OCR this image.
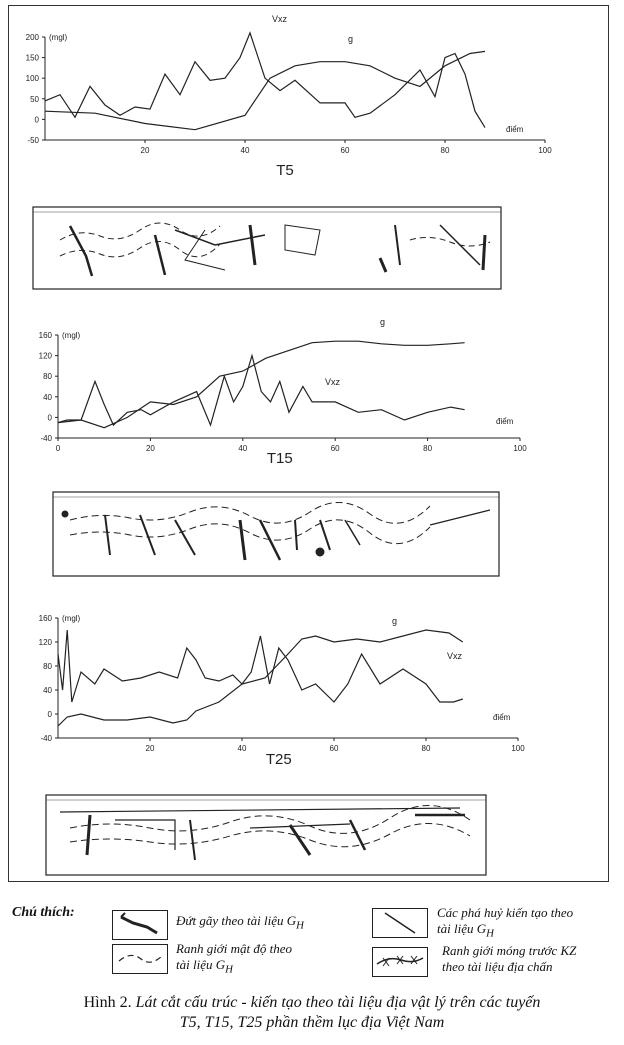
200
150
100
50
0
-50
20	40	60	80	100
(mgl)
điểm
T5
g
Vxz
160
120
80
40
0
-40
0	20	40	60	80	100
(mgl)
điểm
T15
g
Vxz
160
120
80
40
0
-40
20	40	60	80	100
(mgl)
điểm
T25
g
Vxz
Chú thích:
Đứt gãy theo tài liệu $G_H$
Các phá huỷ kiến tạo theo
tài liệu $G_H$
Ranh giới mật độ theo
tài liệu $G_H$
Ranh giới móng trước KZ
theo tài liệu địa chấn
Hình 2. Lát cắt cấu trúc - kiến tạo theo tài liệu địa vật lý trên các tuyến
T5, T15, T25 phần thềm lục địa Việt Nam
